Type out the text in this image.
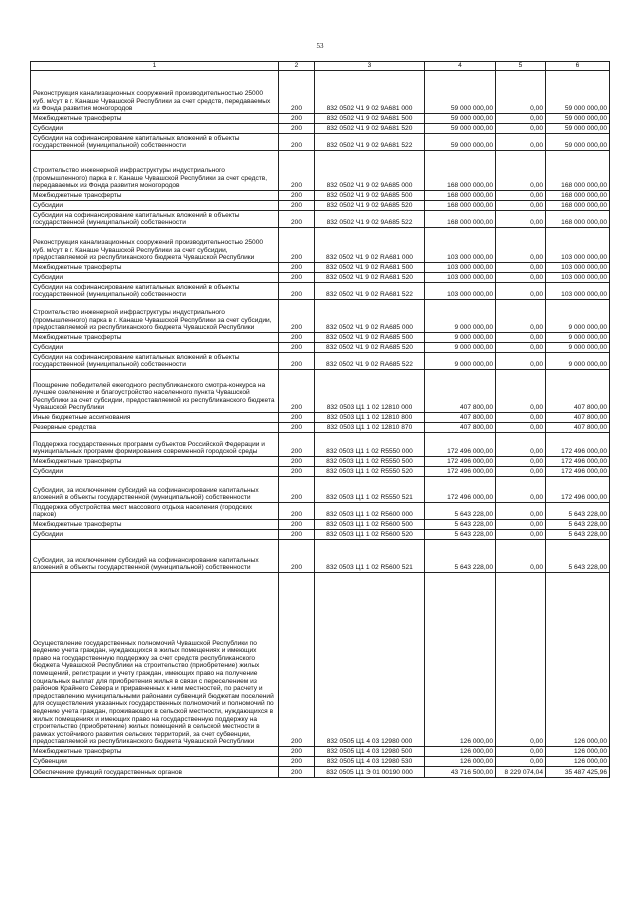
53
1	2	3	4	5	6
Реконструкция канализационных сооружений производительностью 25000 куб. м/сут в г. Канаше Чувашской Республики за счет средств, передаваемых из Фонда развития моногородов	200	832 0502 Ч1 9 02 9А681 000	59 000 000,00	0,00	59 000 000,00
Межбюджетные трансферты	200	832 0502 Ч1 9 02 9А681 500	59 000 000,00	0,00	59 000 000,00
Субсидии	200	832 0502 Ч1 9 02 9А681 520	59 000 000,00	0,00	59 000 000,00
Субсидии на софинансирование капитальных вложений в объекты государственной (муниципальной) собственности	200	832 0502 Ч1 9 02 9А681 522	59 000 000,00	0,00	59 000 000,00
Строительство инженерной инфраструктуры индустриального (промышленного) парка в г. Канаше Чувашской Республики за счет средств, передаваемых из Фонда развития моногородов	200	832 0502 Ч1 9 02 9А685 000	168 000 000,00	0,00	168 000 000,00
Межбюджетные трансферты	200	832 0502 Ч1 9 02 9А685 500	168 000 000,00	0,00	168 000 000,00
Субсидии	200	832 0502 Ч1 9 02 9А685 520	168 000 000,00	0,00	168 000 000,00
Субсидии на софинансирование капитальных вложений в объекты государственной (муниципальной) собственности	200	832 0502 Ч1 9 02 9А685 522	168 000 000,00	0,00	168 000 000,00
Реконструкция канализационных сооружений производительностью 25000 куб. м/сут в г. Канаше Чувашской Республики за счет субсидии, предоставляемой из республиканского бюджета Чувашской Республики	200	832 0502 Ч1 9 02 RA681 000	103 000 000,00	0,00	103 000 000,00
Межбюджетные трансферты	200	832 0502 Ч1 9 02 RA681 500	103 000 000,00	0,00	103 000 000,00
Субсидии	200	832 0502 Ч1 9 02 RA681 520	103 000 000,00	0,00	103 000 000,00
Субсидии на софинансирование капитальных вложений в объекты государственной (муниципальной) собственности	200	832 0502 Ч1 9 02 RA681 522	103 000 000,00	0,00	103 000 000,00
Строительство инженерной инфраструктуры индустриального (промышленного) парка в г. Канаше Чувашской Республики за счет субсидии, предоставляемой из республиканского бюджета Чувашской Республики	200	832 0502 Ч1 9 02 RA685 000	9 000 000,00	0,00	9 000 000,00
Межбюджетные трансферты	200	832 0502 Ч1 9 02 RA685 500	9 000 000,00	0,00	9 000 000,00
Субсидии	200	832 0502 Ч1 9 02 RA685 520	9 000 000,00	0,00	9 000 000,00
Субсидии на софинансирование капитальных вложений в объекты государственной (муниципальной) собственности	200	832 0502 Ч1 9 02 RA685 522	9 000 000,00	0,00	9 000 000,00
Поощрение победителей ежегодного республиканского смотра-конкурса на лучшее озеленение и благоустройство населенного пункта Чувашской Республики за счет субсидии, предоставляемой из республиканского бюджета Чувашской Республики	200	832 0503 Ц1 1 02 12810 000	407 800,00	0,00	407 800,00
Иные бюджетные ассигнования	200	832 0503 Ц1 1 02 12810 800	407 800,00	0,00	407 800,00
Резервные средства	200	832 0503 Ц1 1 02 12810 870	407 800,00	0,00	407 800,00
Поддержка государственных программ субъектов Российской Федерации и муниципальных программ формирования современной городской среды	200	832 0503 Ц1 1 02 R5550 000	172 496 000,00	0,00	172 496 000,00
Межбюджетные трансферты	200	832 0503 Ц1 1 02 R5550 500	172 496 000,00	0,00	172 496 000,00
Субсидии	200	832 0503 Ц1 1 02 R5550 520	172 496 000,00	0,00	172 496 000,00
Субсидии, за исключением субсидий на софинансирование капитальных вложений в объекты государственной (муниципальной) собственности	200	832 0503 Ц1 1 02 R5550 521	172 496 000,00	0,00	172 496 000,00
Поддержка обустройства мест массового отдыха населения (городских парков)	200	832 0503 Ц1 1 02 R5600 000	5 643 228,00	0,00	5 643 228,00
Межбюджетные трансферты	200	832 0503 Ц1 1 02 R5600 500	5 643 228,00	0,00	5 643 228,00
Субсидии	200	832 0503 Ц1 1 02 R5600 520	5 643 228,00	0,00	5 643 228,00
Субсидии, за исключением субсидий на софинансирование капитальных вложений в объекты государственной (муниципальной) собственности	200	832 0503 Ц1 1 02 R5600 521	5 643 228,00	0,00	5 643 228,00
Осуществление государственных полномочий Чувашской Республики по ведению учета граждан, нуждающихся в жилых помещениях и имеющих право на государственную поддержку за счет средств республиканского бюджета Чувашской Республики на строительство (приобретение) жилых помещений, регистрации и учету граждан, имеющих право на получение социальных выплат для приобретения жилья в связи с переселением из районов Крайнего Севера и приравненных к ним местностей, по расчету и предоставлению муниципальными районами субвенций бюджетам поселений для осуществления указанных государственных полномочий и полномочий по ведению учета граждан, проживающих в сельской местности, нуждающихся в жилых помещениях и имеющих право на государственную поддержку на строительство (приобретение) жилых помещений в сельской местности в рамках устойчивого развития сельских территорий, за счет субвенции, предоставляемой из республиканского бюджета Чувашской Республики	200	832 0505 Ц1 4 03 12980 000	126 000,00	0,00	126 000,00
Межбюджетные трансферты	200	832 0505 Ц1 4 03 12980 500	126 000,00	0,00	126 000,00
Субвенции	200	832 0505 Ц1 4 03 12980 530	126 000,00	0,00	126 000,00
Обеспечение функций государственных органов	200	832 0505 Ц1 Э 01 00190 000	43 716 500,00	8 229 074,04	35 487 425,96
